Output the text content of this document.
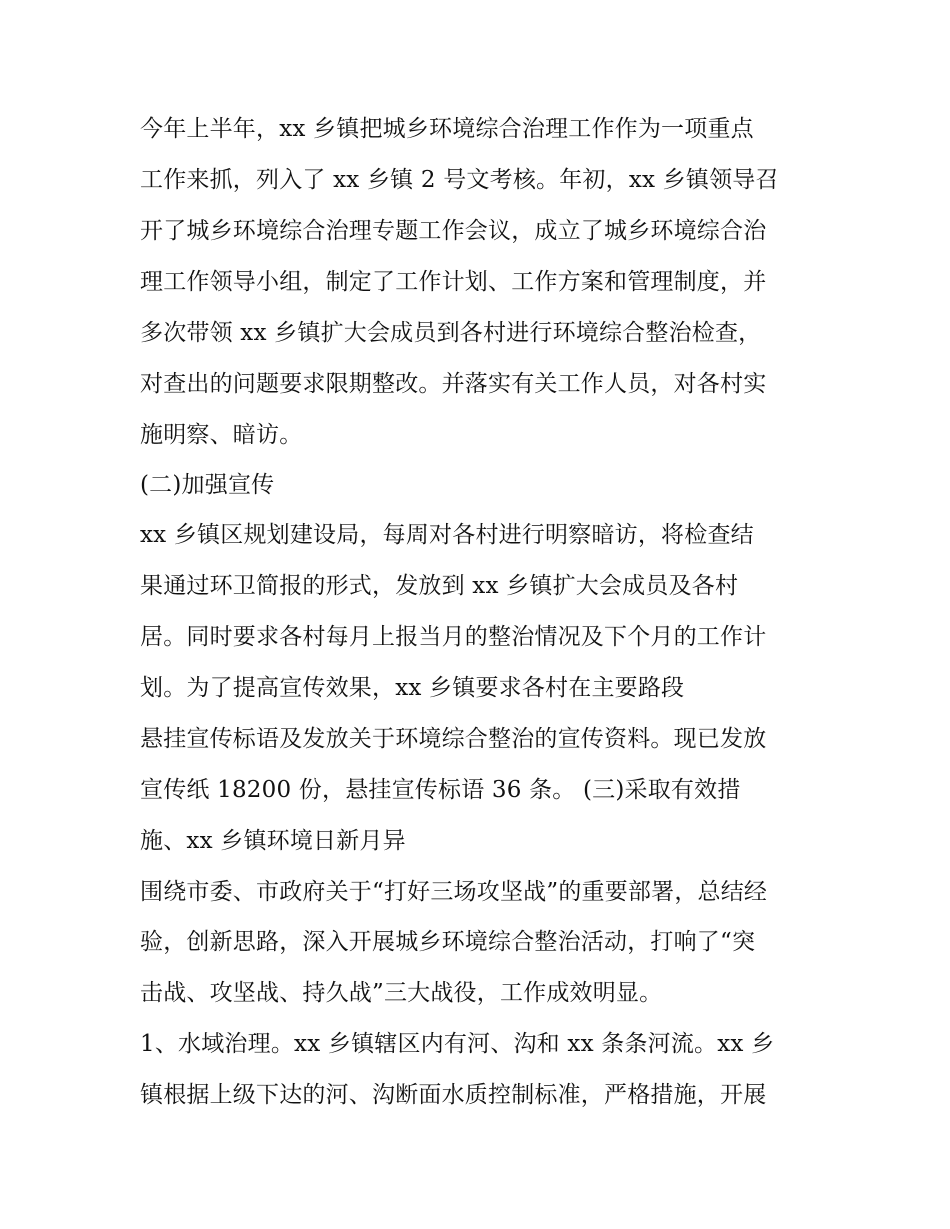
今年上半年，xx 乡镇把城乡环境综合治理工作作为一项重点
工作来抓，列入了 xx 乡镇 2 号文考核。年初，xx 乡镇领导召
开了城乡环境综合治理专题工作会议，成立了城乡环境综合治
理工作领导小组，制定了工作计划、工作方案和管理制度，并
多次带领 xx 乡镇扩大会成员到各村进行环境综合整治检查，
对查出的问题要求限期整改。并落实有关工作人员，对各村实
施明察、暗访。
(二)加强宣传
xx 乡镇区规划建设局，每周对各村进行明察暗访，将检查结
果通过环卫简报的形式，发放到 xx 乡镇扩大会成员及各村
居。同时要求各村每月上报当月的整治情况及下个月的工作计
划。为了提高宣传效果，xx 乡镇要求各村在主要路段
悬挂宣传标语及发放关于环境综合整治的宣传资料。现已发放
宣传纸 18200 份，悬挂宣传标语 36 条。 (三)采取有效措
施、xx 乡镇环境日新月异
围绕市委、市政府关于“打好三场攻坚战”的重要部署，总结经
验，创新思路，深入开展城乡环境综合整治活动，打响了“突
击战、攻坚战、持久战”三大战役，工作成效明显。
1、水域治理。xx 乡镇辖区内有河、沟和 xx 条条河流。xx 乡
镇根据上级下达的河、沟断面水质控制标准，严格措施，开展
